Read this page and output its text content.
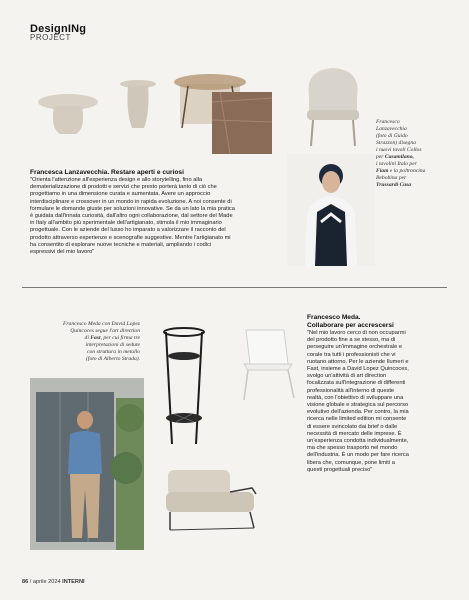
DesignINg
PROJECT
Francesco
Lanzavecchia
(foto di Guido
Strazzon) disegna
i nuovi tavoli Collos
per Casamilano,
i tavolini Italo per
Fiam e la poltroncina
Bebobina per
Trussardi Casa
Francesca Lanzavecchia. Restare aperti e curiosi
"Orienta l'attenzione all'esperienza design e allo storytelling, fino alla
dematerializzazione di prodotti e servizi che presto porterà tanto di ciò che
progettiamo in una dimensione curata e aumentata. Avere un approccio
interdisciplinare e crossover in un mondo in rapida evoluzione. A noi consente di
formulare le domande giuste per soluzioni innovative. Se da un lato la mia pratica
è guidata dall'innata curiosità, dall'altro ogni collaborazione, dal settore del Made
in Italy all'ambito più sperimentale dell'artigianato, stimola il mio immaginario
progettuale. Con le aziende del lusso ho imparato a valorizzare il racconto del
prodotto attraverso esperienze e scenografie suggestive. Mentre l'artigianato mi
ha consentito di esplorare nuove tecniche e materiali, ampliando i codici
espressivi del mio lavoro"
Francesco Meda con David Lopez
Quincoces segue l'art direction
di Fast, per cui firma tre
interpretazioni di sedute
con struttura in metallo
(foto di Alberto Strada).
Francesco Meda.
Collaborare per accrescersi
"Nel mio lavoro cerco di non occuparmi
del prodotto fine a se stesso, ma di
perseguire un'immagine orchestrale e
corale tra tutti i professionisti che vi
ruotano attorno. Per le aziende Ilumeri e
Fast, insieme a David Lopez Quincoces,
svolgo un'attività di art direction
focalizzata sull'integrazione di differenti
professionalità all'interno di queste
realtà, con l'obiettivo di sviluppare una
visione globale e strategica sul percorso
evolutivo dell'azienda. Per contro, la mia
ricerca nelle limited edition mi consente
di essere svincolato dai brief o dalle
necessità di mercato delle imprese. È
un'esperienza condotta individualmente,
ma che spesso trasporto nel mondo
dell'industria. È un modo per fare ricerca
libera che, comunque, pone limiti a
questi progettuali preciso"
86 / aprile 2024 INTERNI
